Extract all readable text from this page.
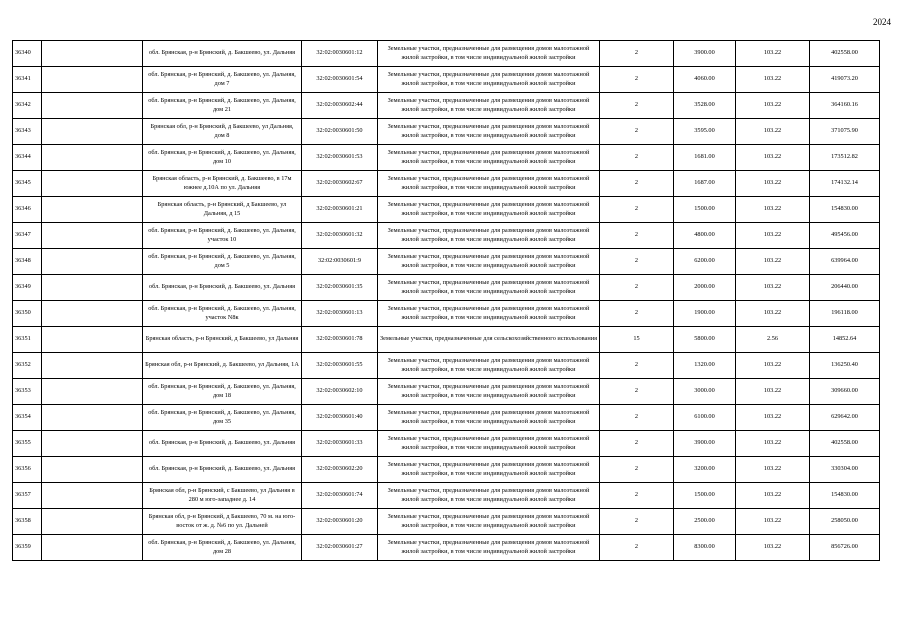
2024
36340		обл. Брянская, р-н Брянский, д. Бакшеево, ул. Дальняя	32:02:0030601:12	Земельные участки, предназначенные для размещения домов малоэтажной жилой застройки, в том числе индивидуальной жилой застройки	2	3900.00	103.22	402558.00
36341		обл. Брянская, р-н Брянский, д. Бакшеево, ул. Дальняя, дом 7	32:02:0030601:54	Земельные участки, предназначенные для размещения домов малоэтажной жилой застройки, в том числе индивидуальной жилой застройки	2	4060.00	103.22	419073.20
36342		обл. Брянская, р-н Брянский, д. Бакшеево, ул. Дальняя, дом 21	32:02:0030602:44	Земельные участки, предназначенные для размещения домов малоэтажной жилой застройки, в том числе индивидуальной жилой застройки	2	3528.00	103.22	364160.16
36343		Брянская обл, р-н Брянский, д Бакшеево, ул Дальняя, дом 8	32:02:0030601:50	Земельные участки, предназначенные для размещения домов малоэтажной жилой застройки, в том числе индивидуальной жилой застройки	2	3595.00	103.22	371075.90
36344		обл. Брянская, р-н Брянский, д. Бакшеево, ул. Дальняя, дом 10	32:02:0030601:53	Земельные участки, предназначенные для размещения домов малоэтажной жилой застройки, в том числе индивидуальной жилой застройки	2	1681.00	103.22	173512.82
36345		Брянская область, р-н Брянский, д. Бакшеево, в 17м южнее д.10А по ул. Дальняя	32:02:0030602:67	Земельные участки, предназначенные для размещения домов малоэтажной жилой застройки, в том числе индивидуальной жилой застройки	2	1687.00	103.22	174132.14
36346		Брянская область, р-н Брянский, д Бакшеево, ул Дальняя, д 15	32:02:0030601:21	Земельные участки, предназначенные для размещения домов малоэтажной жилой застройки, в том числе индивидуальной жилой застройки	2	1500.00	103.22	154830.00
36347		обл. Брянская, р-н Брянский, д. Бакшеево, ул. Дальняя, участок 10	32:02:0030601:32	Земельные участки, предназначенные для размещения домов малоэтажной жилой застройки, в том числе индивидуальной жилой застройки	2	4800.00	103.22	495456.00
36348		обл. Брянская, р-н Брянский, д. Бакшеево, ул. Дальняя, дом 5	32:02:0030601:9	Земельные участки, предназначенные для размещения домов малоэтажной жилой застройки, в том числе индивидуальной жилой застройки	2	6200.00	103.22	639964.00
36349		обл. Брянская, р-н Брянский, д. Бакшеево, ул. Дальняя	32:02:0030601:35	Земельные участки, предназначенные для размещения домов малоэтажной жилой застройки, в том числе индивидуальной жилой застройки	2	2000.00	103.22	206440.00
36350		обл. Брянская, р-н Брянский, д. Бакшеево, ул. Дальняя, участок N8к	32:02:0030601:13	Земельные участки, предназначенные для размещения домов малоэтажной жилой застройки, в том числе индивидуальной жилой застройки	2	1900.00	103.22	196118.00
36351		Брянская область, р-н Брянский, д Бакшеево, ул Дальняя	32:02:0030601:78	Земельные участки, предназначенные для сельскохозяйственного использования	15	5800.00	2.56	14852.64
36352		Брянская обл, р-н Брянский, д. Бакшеево, ул Дальняя, 1А	32:02:0030601:55	Земельные участки, предназначенные для размещения домов малоэтажной жилой застройки, в том числе индивидуальной жилой застройки	2	1320.00	103.22	136250.40
36353		обл. Брянская, р-н Брянский, д. Бакшеево, ул. Дальняя, дом 18	32:02:0030602:10	Земельные участки, предназначенные для размещения домов малоэтажной жилой застройки, в том числе индивидуальной жилой застройки	2	3000.00	103.22	309660.00
36354		обл. Брянская, р-н Брянский, д. Бакшеево, ул. Дальняя, дом 35	32:02:0030601:40	Земельные участки, предназначенные для размещения домов малоэтажной жилой застройки, в том числе индивидуальной жилой застройки	2	6100.00	103.22	629642.00
36355		обл. Брянская, р-н Брянский, д. Бакшеево, ул. Дальняя	32:02:0030601:33	Земельные участки, предназначенные для размещения домов малоэтажной жилой застройки, в том числе индивидуальной жилой застройки	2	3900.00	103.22	402558.00
36356		обл. Брянская, р-н Брянский, д. Бакшеево, ул. Дальняя	32:02:0030602:20	Земельные участки, предназначенные для размещения домов малоэтажной жилой застройки, в том числе индивидуальной жилой застройки	2	3200.00	103.22	330304.00
36357		Брянская обл, р-н Брянский, с Бакшеево, ул Дальняя в 280 м юго-западнее д. 14	32:02:0030601:74	Земельные участки, предназначенные для размещения домов малоэтажной жилой застройки, в том числе индивидуальной жилой застройки	2	1500.00	103.22	154830.00
36358		Брянская обл, р-н Брянский, д Бакшеево, 70 м. на юго-восток от ж. д. №6 по ул. Дальней	32:02:0030601:20	Земельные участки, предназначенные для размещения домов малоэтажной жилой застройки, в том числе индивидуальной жилой застройки	2	2500.00	103.22	258050.00
36359		обл. Брянская, р-н Брянский, д. Бакшеево, ул. Дальняя, дом 28	32:02:0030601:27	Земельные участки, предназначенные для размещения домов малоэтажной жилой застройки, в том числе индивидуальной жилой застройки	2	8300.00	103.22	856726.00
